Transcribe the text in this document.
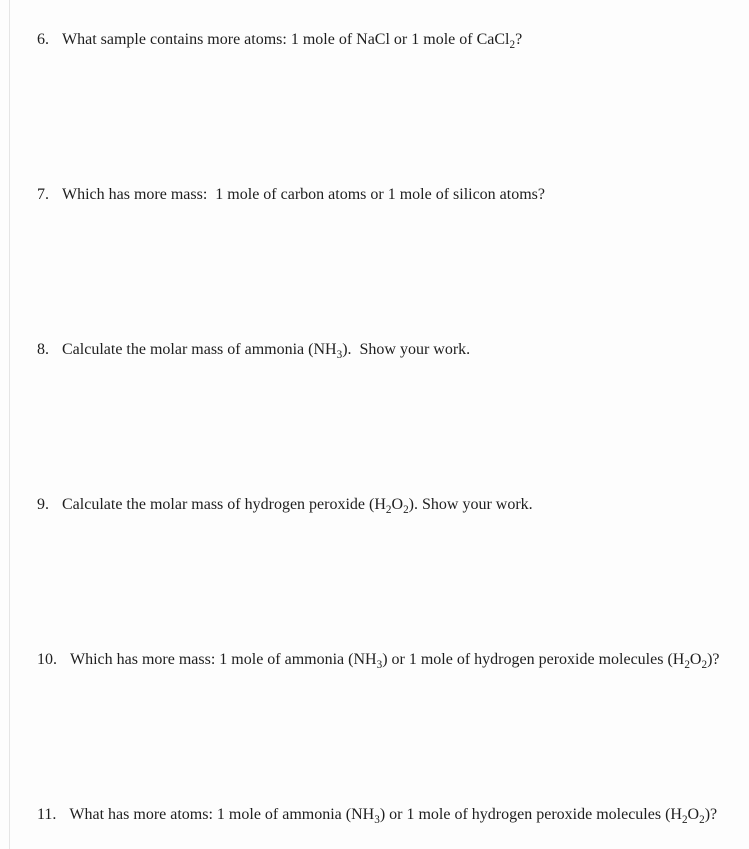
6. What sample contains more atoms: 1 mole of NaCl or 1 mole of CaCl$_2$?
7. Which has more mass:  1 mole of carbon atoms or 1 mole of silicon atoms?
8. Calculate the molar mass of ammonia $(NH_3)$.  Show your work.
9. Calculate the molar mass of hydrogen peroxide $(H_2O_2)$. Show your work.
10. Which has more mass: 1 mole of ammonia $(NH_3)$ or 1 mole of hydrogen peroxide molecules $(H_2O_2)$?
11. What has more atoms: 1 mole of ammonia $(NH_3)$ or 1 mole of hydrogen peroxide molecules $(H_2O_2)$?
